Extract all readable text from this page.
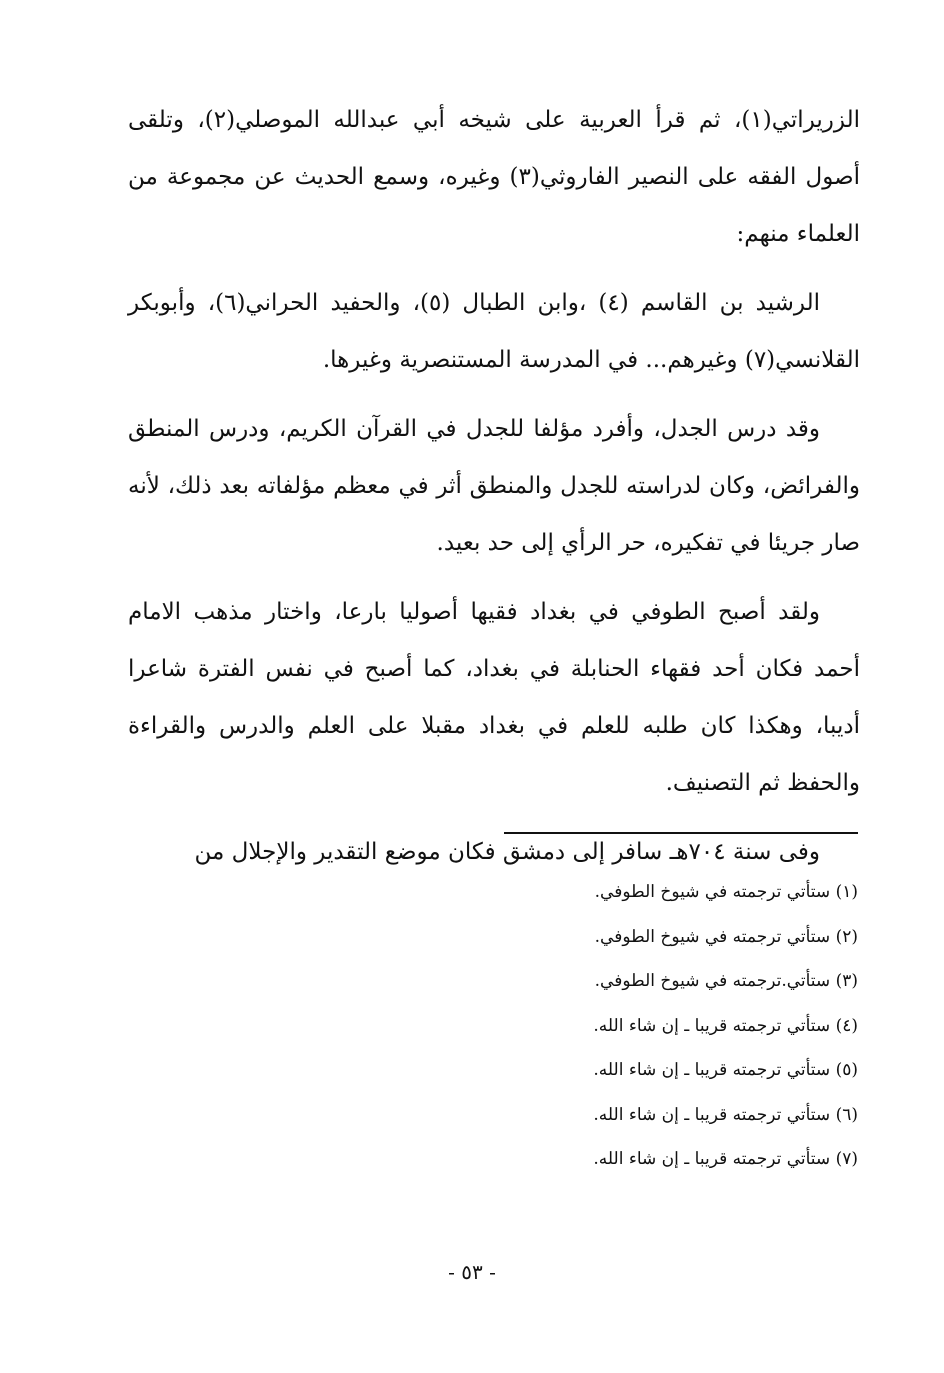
الزريراتي(١)، ثم قرأ العربية على شيخه أبي عبدالله الموصلي(٢)، وتلقى أصول الفقه على النصير الفاروثي(٣) وغيره، وسمع الحديث عن مجموعة من العلماء منهم:

الرشيد بن القاسم (٤) ،وابن الطبال (٥)، والحفيد الحراني(٦)، وأبوبكر القلانسي(٧) وغيرهم... في المدرسة المستنصرية وغيرها.

وقد درس الجدل، وأفرد مؤلفا للجدل في القرآن الكريم، ودرس المنطق والفرائض، وكان لدراسته للجدل والمنطق أثر في معظم مؤلفاته بعد ذلك، لأنه صار جريئا في تفكيره، حر الرأي إلى حد بعيد.

ولقد أصبح الطوفي في بغداد فقيها أصوليا بارعا، واختار مذهب الامام أحمد فكان أحد فقهاء الحنابلة في بغداد، كما أصبح في نفس الفترة شاعرا أديبا، وهكذا كان طلبه للعلم في بغداد مقبلا على العلم والدرس والقراءة والحفظ ثم التصنيف.

وفى سنة ٧٠٤هـ سافر إلى دمشق فكان موضع التقدير والإجلال من

(١) ستأتي ترجمته في شيوخ الطوفي.
(٢) ستأتي ترجمته في شيوخ الطوفي.
(٣) ستأتي.ترجمته في شيوخ الطوفي.
(٤) ستأتي ترجمته قريبا ـ إن شاء الله.
(٥) ستأتي ترجمته قريبا ـ إن شاء الله.
(٦) ستأتي ترجمته قريبا ـ إن شاء الله.
(٧) ستأتي ترجمته قريبا ـ إن شاء الله.
- ٥٣ -
